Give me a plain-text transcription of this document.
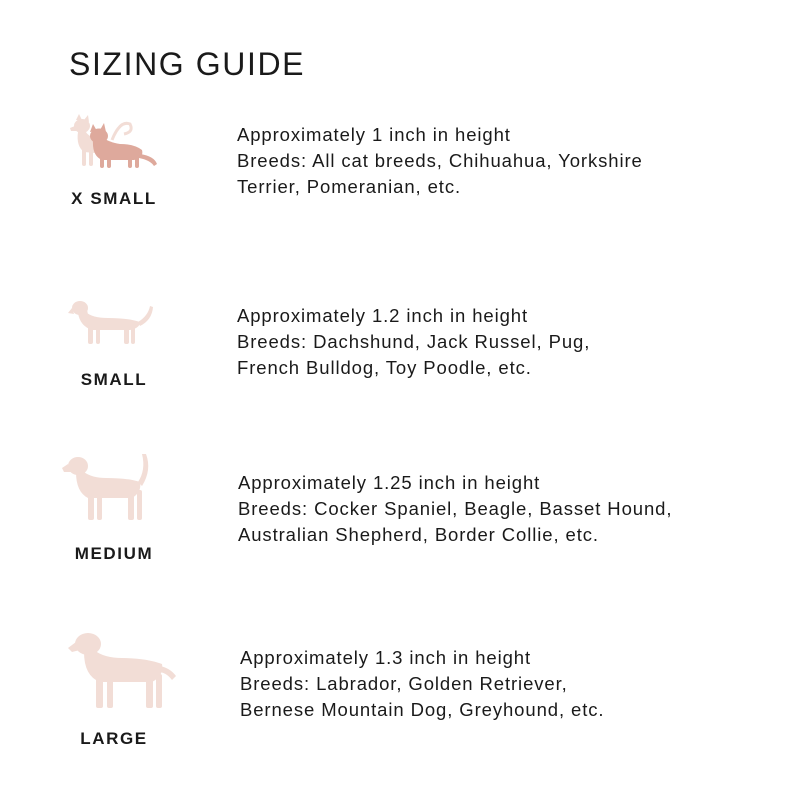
SIZING GUIDE
X SMALL
Approximately 1 inch in height
Breeds: All cat breeds, Chihuahua, Yorkshire
Terrier, Pomeranian, etc.
SMALL
Approximately 1.2 inch in height
Breeds: Dachshund, Jack Russel, Pug,
French Bulldog, Toy Poodle, etc.
MEDIUM
Approximately 1.25 inch in height
Breeds: Cocker Spaniel, Beagle, Basset Hound,
Australian Shepherd, Border Collie, etc.
LARGE
Approximately 1.3 inch in height
Breeds: Labrador, Golden Retriever,
Bernese Mountain Dog, Greyhound, etc.
